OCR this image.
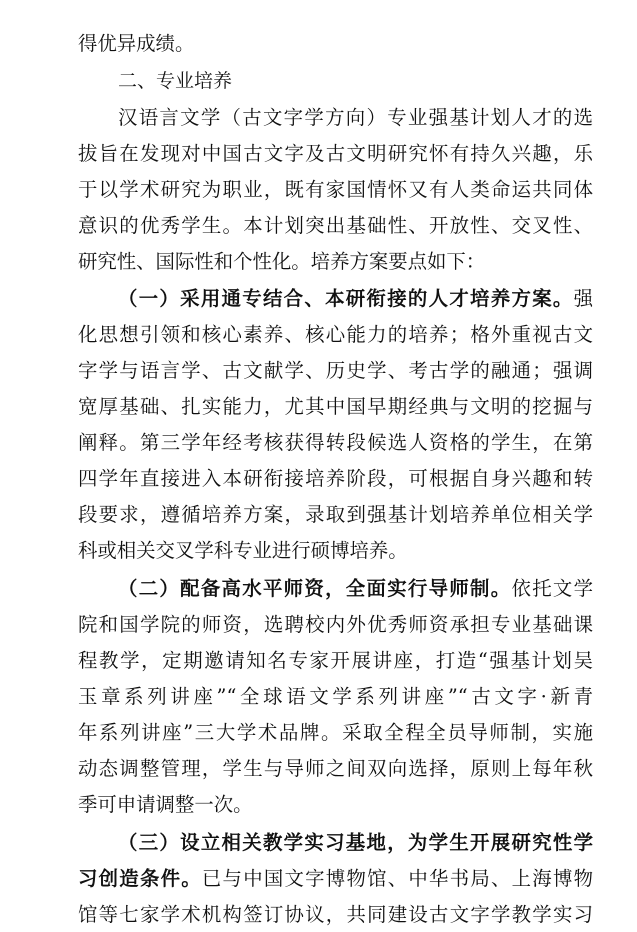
得优异成绩。
二、专业培养
汉语言文学（古文字学方向）专业强基计划人才的选
拔旨在发现对中国古文字及古文明研究怀有持久兴趣，乐
于以学术研究为职业，既有家国情怀又有人类命运共同体
意识的优秀学生。本计划突出基础性、开放性、交叉性、
研究性、国际性和个性化。培养方案要点如下：
（一）采用通专结合、本研衔接的人才培养方案。强
化思想引领和核心素养、核心能力的培养；格外重视古文
字学与语言学、古文献学、历史学、考古学的融通；强调
宽厚基础、扎实能力，尤其中国早期经典与文明的挖掘与
阐释。第三学年经考核获得转段候选人资格的学生，在第
四学年直接进入本研衔接培养阶段，可根据自身兴趣和转
段要求，遵循培养方案，录取到强基计划培养单位相关学
科或相关交叉学科专业进行硕博培养。
（二）配备高水平师资，全面实行导师制。依托文学
院和国学院的师资，选聘校内外优秀师资承担专业基础课
程教学，定期邀请知名专家开展讲座，打造“强基计划吴
玉章系列讲座”“全球语文学系列讲座”“古文字·新青
年系列讲座”三大学术品牌。采取全程全员导师制，实施
动态调整管理，学生与导师之间双向选择，原则上每年秋
季可申请调整一次。
（三）设立相关教学实习基地，为学生开展研究性学
习创造条件。已与中国文字博物馆、中华书局、上海博物
馆等七家学术机构签订协议，共同建设古文字学教学实习
